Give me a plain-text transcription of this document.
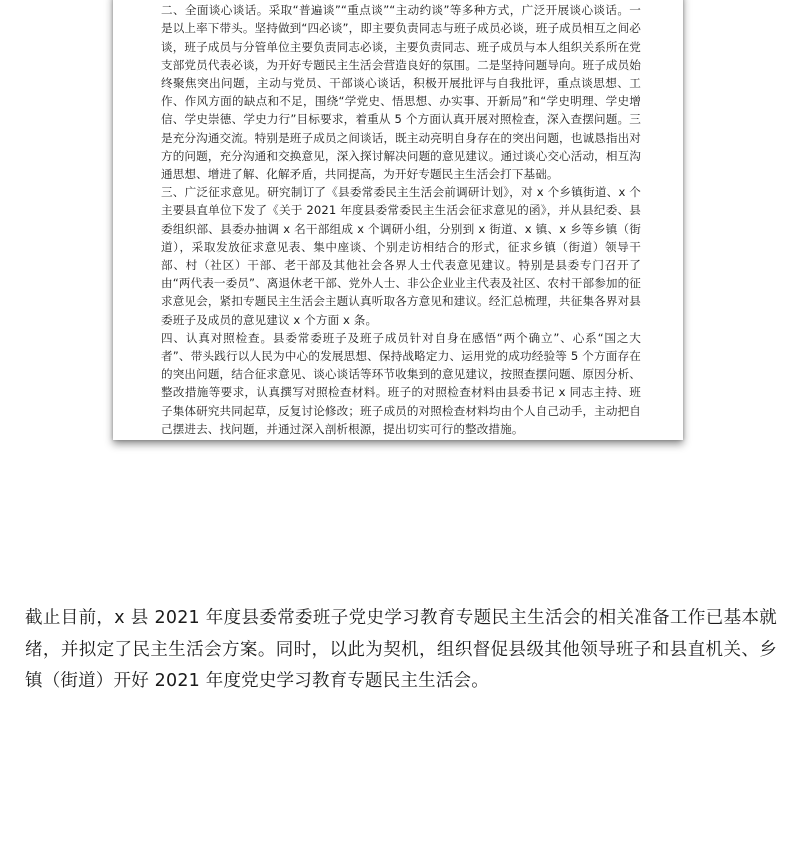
二、全面谈心谈话。采取“普遍谈”“重点谈”“主动约谈”等多种方式，广泛开展谈心谈话。一是以上率下带头。坚持做到“四必谈”，即主要负责同志与班子成员必谈，班子成员相互之间必谈，班子成员与分管单位主要负责同志必谈，主要负责同志、班子成员与本人组织关系所在党支部党员代表必谈，为开好专题民主生活会营造良好的氛围。二是坚持问题导向。班子成员始终聚焦突出问题，主动与党员、干部谈心谈话，积极开展批评与自我批评，重点谈思想、工作、作风方面的缺点和不足，围绕“学党史、悟思想、办实事、开新局”和“学史明理、学史增信、学史崇德、学史力行”目标要求，着重从 5 个方面认真开展对照检查，深入查摆问题。三是充分沟通交流。特别是班子成员之间谈话，既主动亮明自身存在的突出问题，也诚恳指出对方的问题，充分沟通和交换意见，深入探讨解决问题的意见建议。通过谈心交心活动，相互沟通思想、增进了解、化解矛盾，共同提高，为开好专题民主生活会打下基础。

三、广泛征求意见。研究制订了《县委常委民主生活会前调研计划》，对 x 个乡镇街道、x 个主要县直单位下发了《关于 2021 年度县委常委民主生活会征求意见的函》，并从县纪委、县委组织部、县委办抽调 x 名干部组成 x 个调研小组，分别到 x 街道、x 镇、x 乡等乡镇（街道），采取发放征求意见表、集中座谈、个别走访相结合的形式，征求乡镇（街道）领导干部、村（社区）干部、老干部及其他社会各界人士代表意见建议。特别是县委专门召开了由“两代表一委员”、离退休老干部、党外人士、非公企业业主代表及社区、农村干部参加的征求意见会，紧扣专题民主生活会主题认真听取各方意见和建议。经汇总梳理，共征集各界对县委班子及成员的意见建议 x 个方面 x 条。

四、认真对照检查。县委常委班子及班子成员针对自身在感悟“两个确立”、心系“国之大者”、带头践行以人民为中心的发展思想、保持战略定力、运用党的成功经验等 5 个方面存在的突出问题，结合征求意见、谈心谈话等环节收集到的意见建议，按照查摆问题、原因分析、整改措施等要求，认真撰写对照检查材料。班子的对照检查材料由县委书记 x 同志主持、班子集体研究共同起草，反复讨论修改；班子成员的对照检查材料均由个人自己动手，主动把自己摆进去、找问题，并通过深入剖析根源，提出切实可行的整改措施。

截止目前，x 县 2021 年度县委常委班子党史学习教育专题民主生活会的相关准备工作已基本就绪，并拟定了民主生活会方案。同时，以此为契机，组织督促县级其他领导班子和县直机关、乡镇（街道）开好 2021 年度党史学习教育专题民主生活会。
